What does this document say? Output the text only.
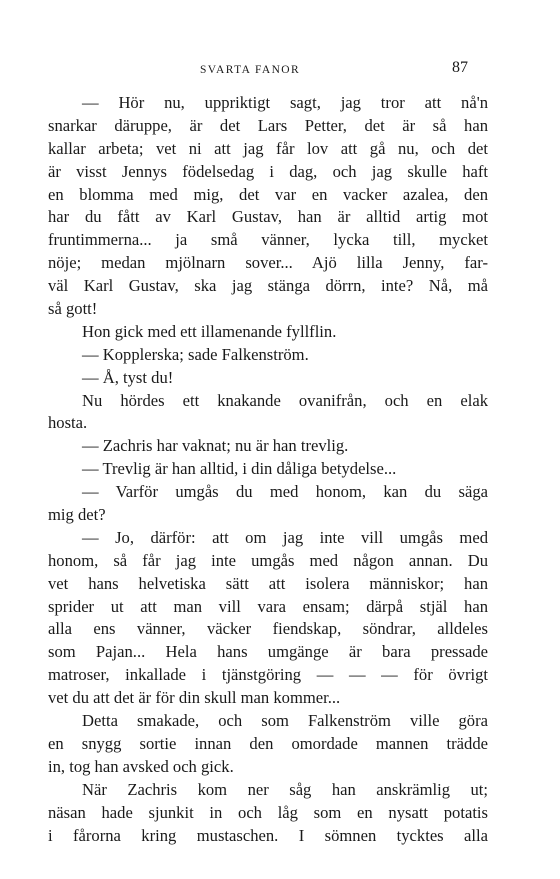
SVARTA FANOR	87
— Hör nu, uppriktigt sagt, jag tror att nå'n
snarkar däruppe, är det Lars Petter, det är så han
kallar arbeta; vet ni att jag får lov att gå nu, och det
är visst Jennys födelsedag i dag, och jag skulle haft
en blomma med mig, det var en vacker azalea, den
har du fått av Karl Gustav, han är alltid artig mot
fruntimmerna... ja små vänner, lycka till, mycket
nöje; medan mjölnarn sover... Ajö lilla Jenny, far-
väl Karl Gustav, ska jag stänga dörrn, inte? Nå, må
så gott!
Hon gick med ett illamenande fyllflin.
— Kopplerska; sade Falkenström.
— Å, tyst du!
Nu hördes ett knakande ovanifrån, och en elak
hosta.
— Zachris har vaknat; nu är han trevlig.
— Trevlig är han alltid, i din dåliga betydelse...
— Varför umgås du med honom, kan du säga
mig det?
— Jo, därför: att om jag inte vill umgås med
honom, så får jag inte umgås med någon annan. Du
vet hans helvetiska sätt att isolera människor; han
sprider ut att man vill vara ensam; därpå stjäl han
alla ens vänner, väcker fiendskap, söndrar, alldeles
som Pajan... Hela hans umgänge är bara pressade
matroser, inkallade i tjänstgöring — — — för övrigt
vet du att det är för din skull man kommer...
Detta smakade, och som Falkenström ville göra
en snygg sortie innan den omordade mannen trädde
in, tog han avsked och gick.
När Zachris kom ner såg han anskrämlig ut;
näsan hade sjunkit in och låg som en nysatt potatis
i fårorna kring mustaschen. I sömnen tycktes alla
